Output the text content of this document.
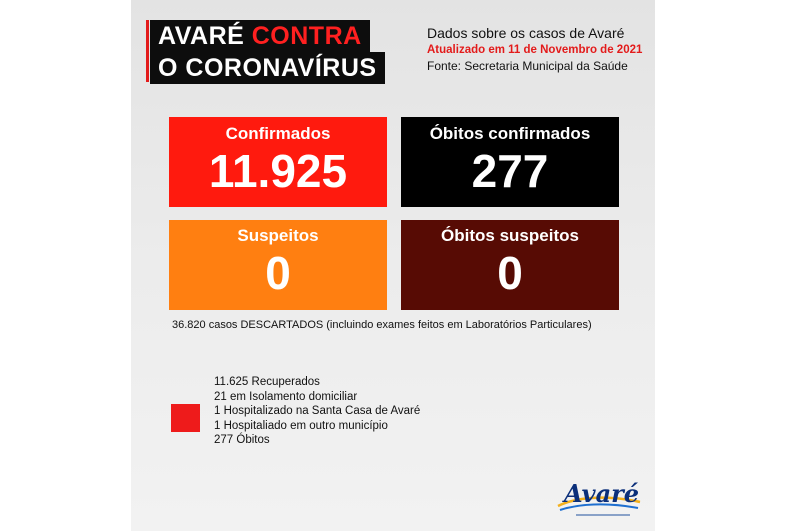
AVARÉ CONTRA
O CORONAVÍRUS
Dados sobre os casos de Avaré
Atualizado em 11 de Novembro de 2021
Fonte: Secretaria Municipal da Saúde
Confirmados
11.925
Óbitos confirmados
277
Suspeitos
0
Óbitos suspeitos
0
36.820 casos DESCARTADOS (incluindo exames feitos em Laboratórios Particulares)
11.625 Recuperados
21 em Isolamento domiciliar
1 Hospitalizado na Santa Casa de Avaré
1 Hospitaliado em outro município
277 Óbitos
Avaré
